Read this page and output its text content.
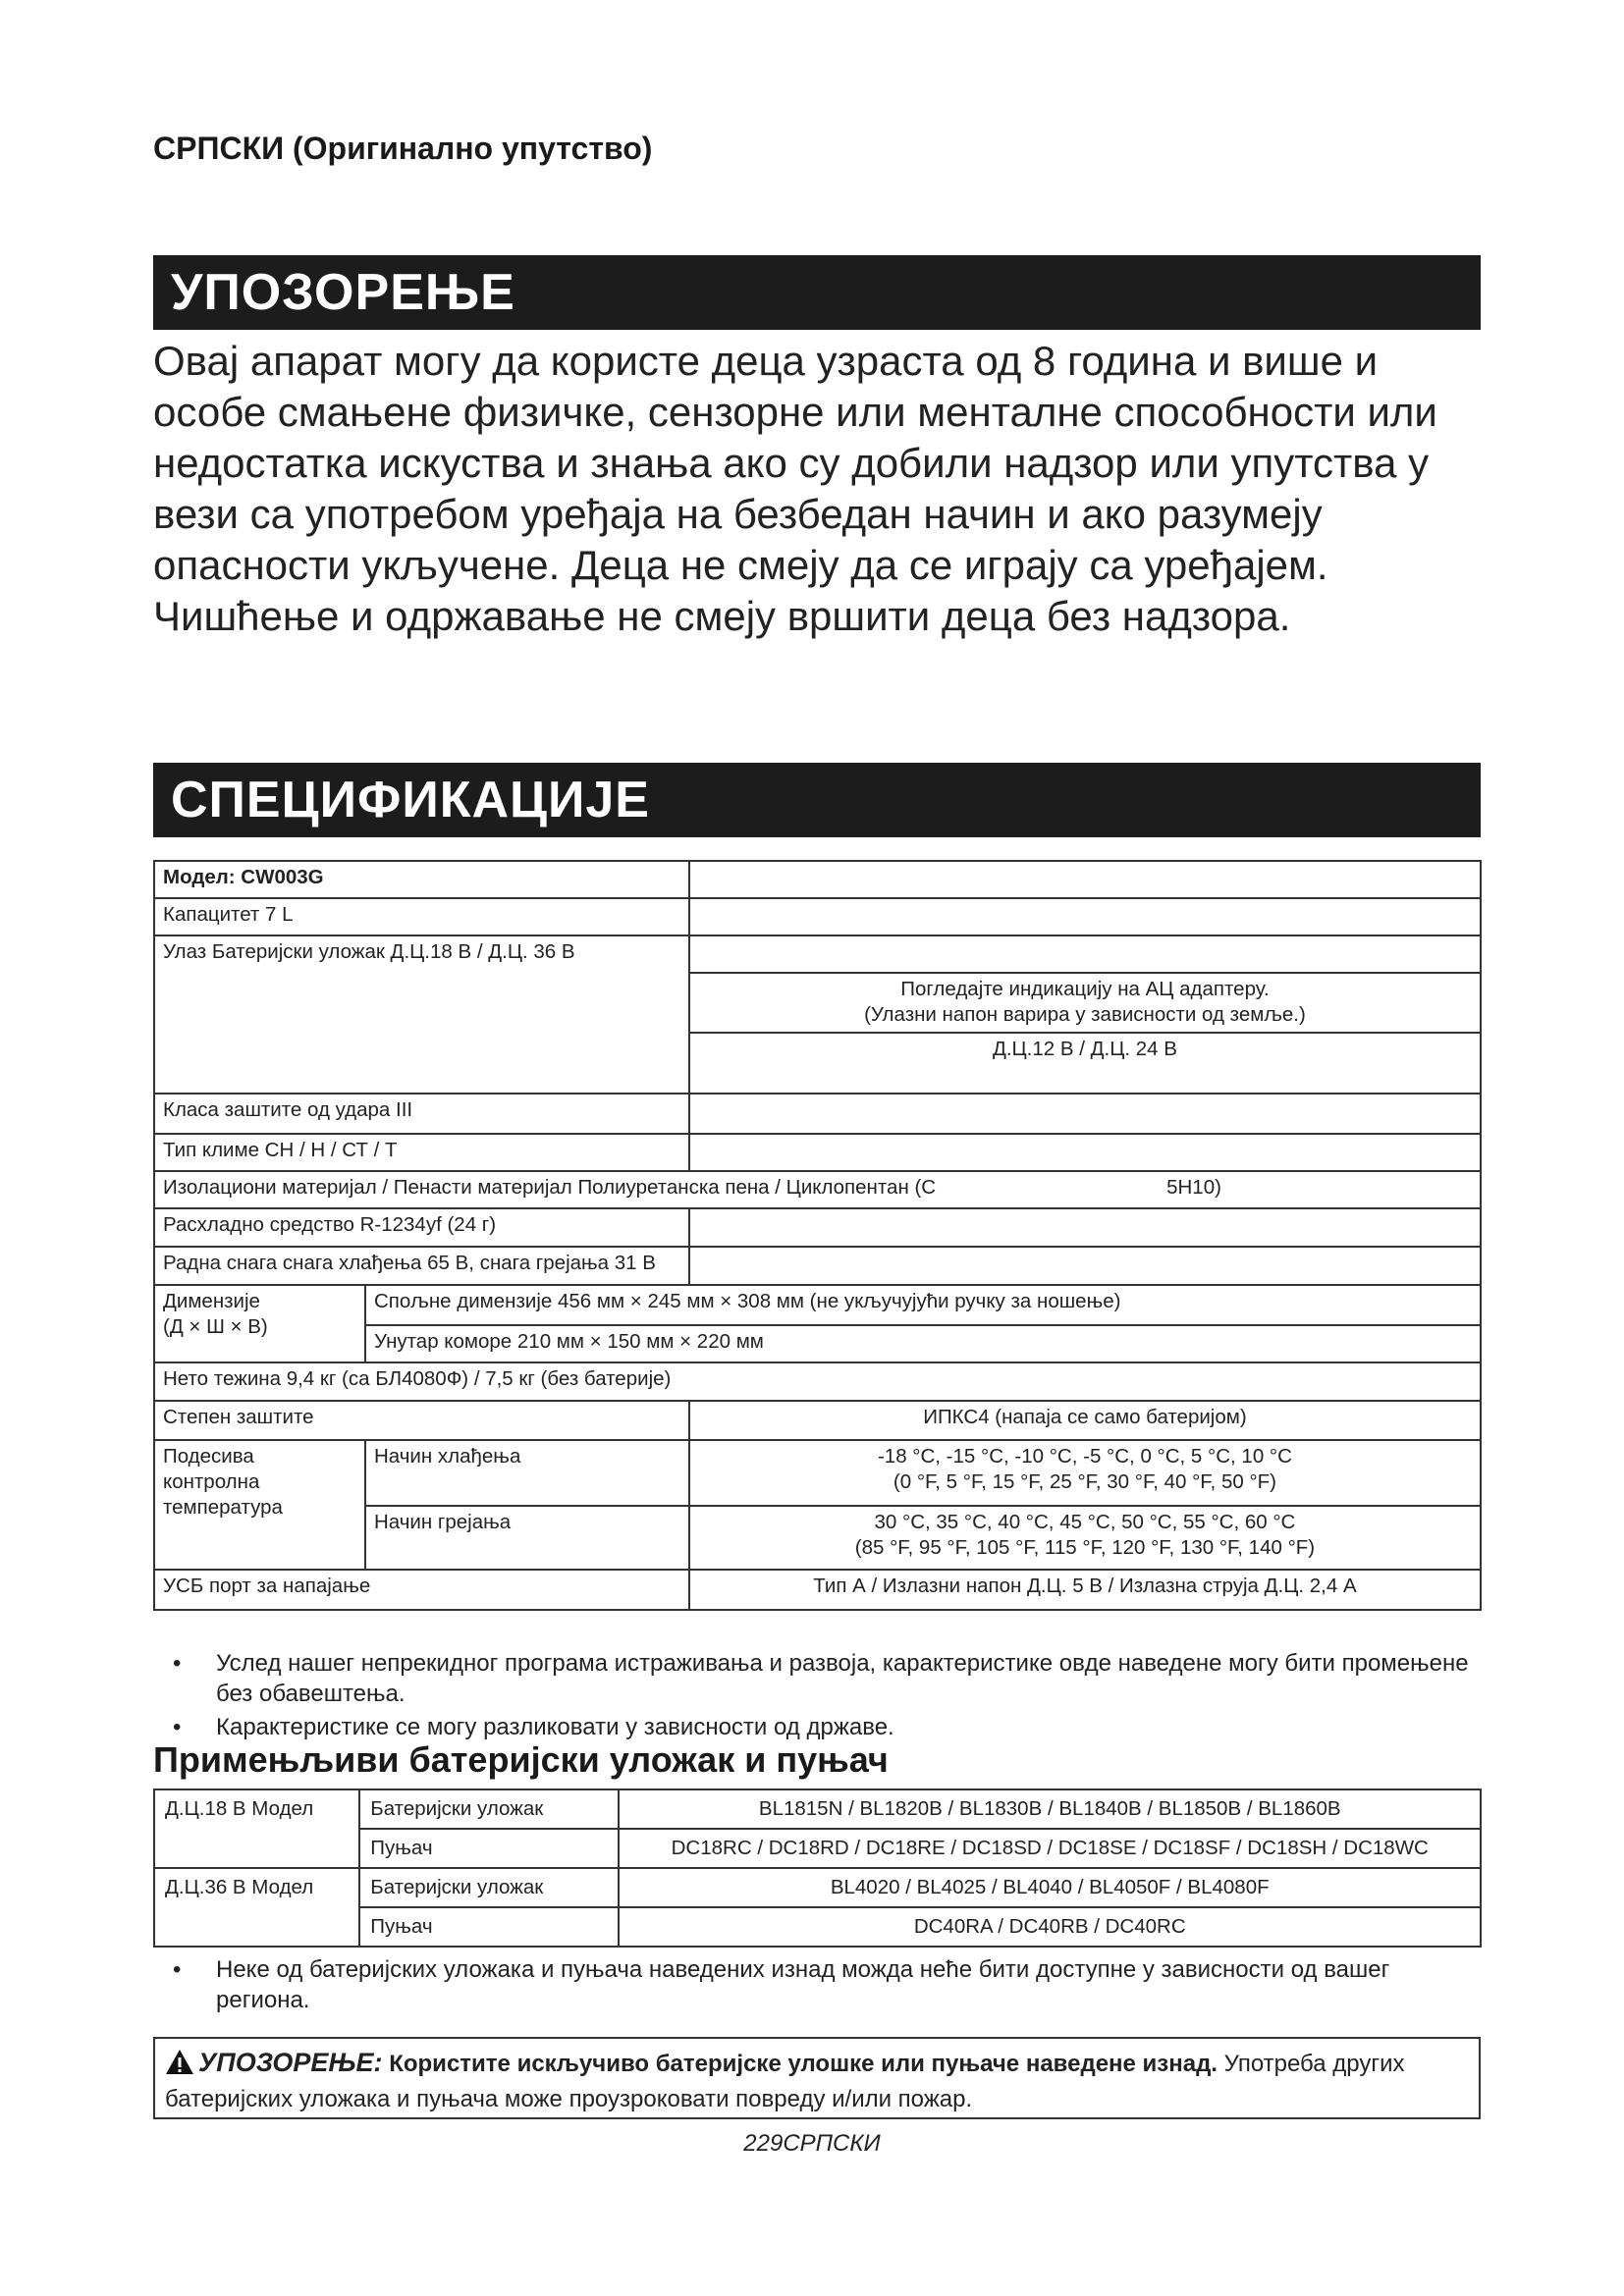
СРПСКИ (Оригинално упутство)
УПОЗОРЕЊЕ

Овај апарат могу да користе деца узраста од 8 година и више и особе смањене физичке, сензорне или менталне способности или недостатка искуства и знања ако су добили надзор или упутства у вези са употребом уређаја на безбедан начин и ако разумеју опасности укључене. Деца не смеју да се играју са уређајем. Чишћење и одржавање не смеју вршити деца без надзора.

СПЕЦИФИКАЦИЈЕ
Модел: CW003G		
Капацитет 7 L		
Улаз Батеријски уложак Д.Ц.18 В / Д.Ц. 36 В		
		Погледајте индикацију на АЦ адаптеру.
(Улазни напон варира у зависности од земље.)
		Д.Ц.12 В / Д.Ц. 24 В
Класа заштите од удара III		
Тип климе СН / Н / СТ / Т		
Изолациони материјал / Пенасти материјал Полиуретанска пена / Циклопентан (С 5H10)		
Расхладно средство R-1234yf (24 г)		
Радна снага снага хлађења 65 В, снага грејања 31 В		
Димензије
(Д × Ш × В)	Спољне димензије 456 мм × 245 мм × 308 мм (не укључујући ручку за ношење)	
	Унутар коморе 210 мм × 150 мм × 220 мм	
Нето тежина 9,4 кг (са БЛ4080Ф) / 7,5 кг (без батерије)		
Степен заштите		ИПКС4 (напаја се само батеријом)
Подесива
контролна
температура	Начин хлађења	-18 °C, -15 °C, -10 °C, -5 °C, 0 °C, 5 °C, 10 °C
(0 °F, 5 °F, 15 °F, 25 °F, 30 °F, 40 °F, 50 °F)
	Начин грејања	30 °C, 35 °C, 40 °C, 45 °C, 50 °C, 55 °C, 60 °C
(85 °F, 95 °F, 105 °F, 115 °F, 120 °F, 130 °F, 140 °F)
УСБ порт за напајање		Тип А / Излазни напон Д.Ц. 5 В / Излазна струја Д.Ц. 2,4 А
• Услед нашег непрекидног програма истраживања и развоја, карактеристике овде наведене могу бити промењене без обавештења.
• Карактеристике се могу разликовати у зависности од државе.
Примењљиви батеријски уложак и пуњач
Д.Ц.18 В Модел	Батеријски уложак	BL1815N / BL1820B / BL1830B / BL1840B / BL1850B / BL1860B
	Пуњач	DC18RC / DC18RD / DC18RE / DC18SD / DC18SE / DC18SF / DC18SH / DC18WC
Д.Ц.36 В Модел	Батеријски уложак	BL4020 / BL4025 / BL4040 / BL4050F / BL4080F
	Пуњач	DC40RA / DC40RB / DC40RC
• Неке од батеријских уложака и пуњача наведених изнад можда неће бити доступне у зависности од вашег региона.
УПОЗОРЕЊЕ: Користите искључиво батеријске улошке или пуњаче наведене изнад. Употреба других батеријских уложака и пуњача може проузроковати повреду и/или пожар.
229СРПСКИ
